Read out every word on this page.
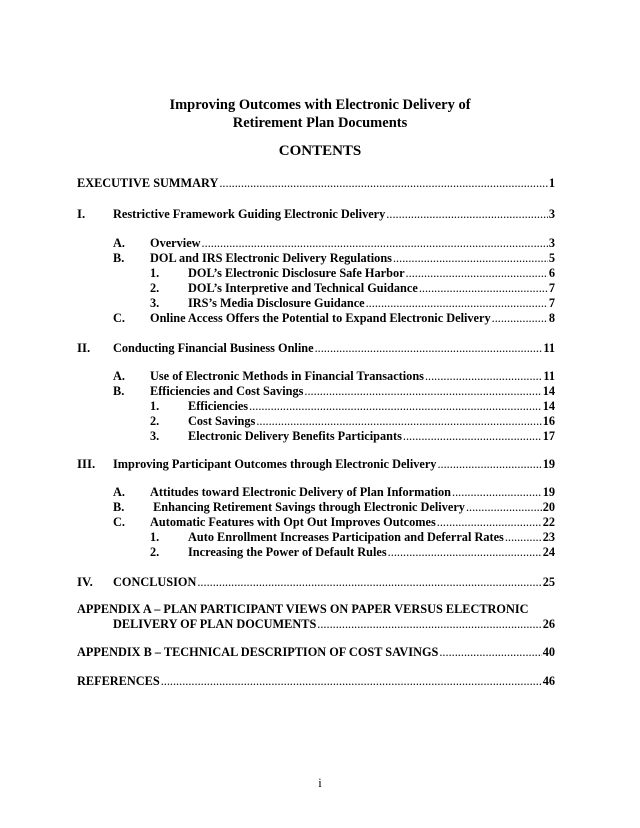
Improving Outcomes with Electronic Delivery of
Retirement Plan Documents
CONTENTS
EXECUTIVE SUMMARY .....	1
I. Restrictive Framework Guiding Electronic Delivery .....	3
A. Overview .....	3
B. DOL and IRS Electronic Delivery Regulations .....	5
1. DOL’s Electronic Disclosure Safe Harbor .....	6
2. DOL’s Interpretive and Technical Guidance .....	7
3. IRS’s Media Disclosure Guidance .....	7
C. Online Access Offers the Potential to Expand Electronic Delivery .....	8
II. Conducting Financial Business Online .....	11
A. Use of Electronic Methods in Financial Transactions .....	11
B. Efficiencies and Cost Savings .....	14
1. Efficiencies .....	14
2. Cost Savings .....	16
3. Electronic Delivery Benefits Participants .....	17
III. Improving Participant Outcomes through Electronic Delivery .....	19
A. Attitudes toward Electronic Delivery of Plan Information .....	19
B. Enhancing Retirement Savings through Electronic Delivery .....	20
C. Automatic Features with Opt Out Improves Outcomes .....	22
1. Auto Enrollment Increases Participation and Deferral Rates .....	23
2. Increasing the Power of Default Rules .....	24
IV. CONCLUSION .....	25
APPENDIX A – PLAN PARTICIPANT VIEWS ON PAPER VERSUS ELECTRONIC
DELIVERY OF PLAN DOCUMENTS .....	26
APPENDIX B – TECHNICAL DESCRIPTION OF COST SAVINGS .....	40
REFERENCES .....	46
i
